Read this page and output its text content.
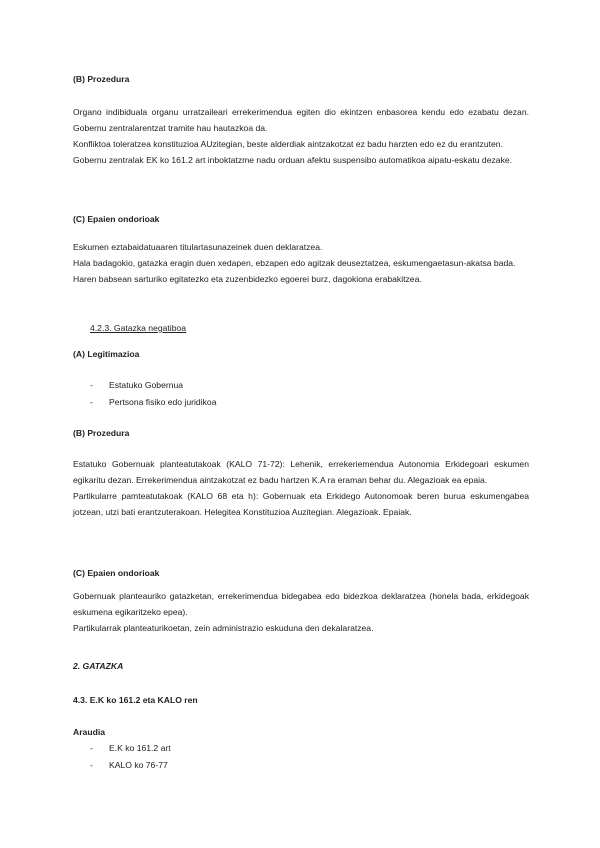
(B) Prozedura

Organo indibiduala organu urratzaileari errekerimendua egiten dio ekintzen enbasorea kendu edo ezabatu dezan. Gobernu zentralarentzat tramite hau hautazkoa da.

Konfliktoa toleratzea konstituzioa AUzitegian, beste alderdiak aintzakotzat ez badu harzten edo ez du erantzuten.

Gobernu zentralak EK ko 161.2 art inboktatzme nadu orduan afektu suspensibo automatikoa aipatu-eskatu dezake.

(C) Epaien ondorioak

Eskumen eztabaidatuaaren titulartasunazeinek duen deklaratzea.

Hala badagokio, gatazka eragin duen xedapen, ebzapen edo agitzak deuseztatzea, eskumengaetasun-akatsa bada.

Haren babsean sarturiko egitatezko eta zuzenbidezko egoerei burz, dagokiona erabakitzea.

4.2.3. Gatazka negatiboa
(A) Legitimazioa
- Estatuko Gobernua
- Pertsona fisiko edo juridikoa
(B) Prozedura

Estatuko Gobernuak planteatutakoak (KALO 71-72): Lehenik, errekeriemendua Autonomia Erkidegoari eskumen egikaritu dezan. Errekerimendua aintzakotzat ez badu hartzen K.A ra eraman behar du. Alegazioak ea epaia.

Partikularre pamteatutakoak (KALO 68 eta h): Gobernuak eta Erkidego Autonomoak beren burua eskumengabea jotzean, utzi bati erantzuterakoan. Helegitea Konstituzioa Auzitegian. Alegazioak. Epaiak.

(C) Epaien ondorioak

Gobernuak planteauriko gatazketan, errekerimendua bidegabea edo bidezkoa deklaratzea (honela bada, erkidegoak eskumena egikaritzeko epea).

Partikularrak planteaturikoetan, zein administrazio eskuduna den dekalaratzea.

2. GATAZKA
4.3. E.K ko 161.2 eta KALO ren
Araudia
- E.K ko 161.2 art
- KALO ko 76-77
